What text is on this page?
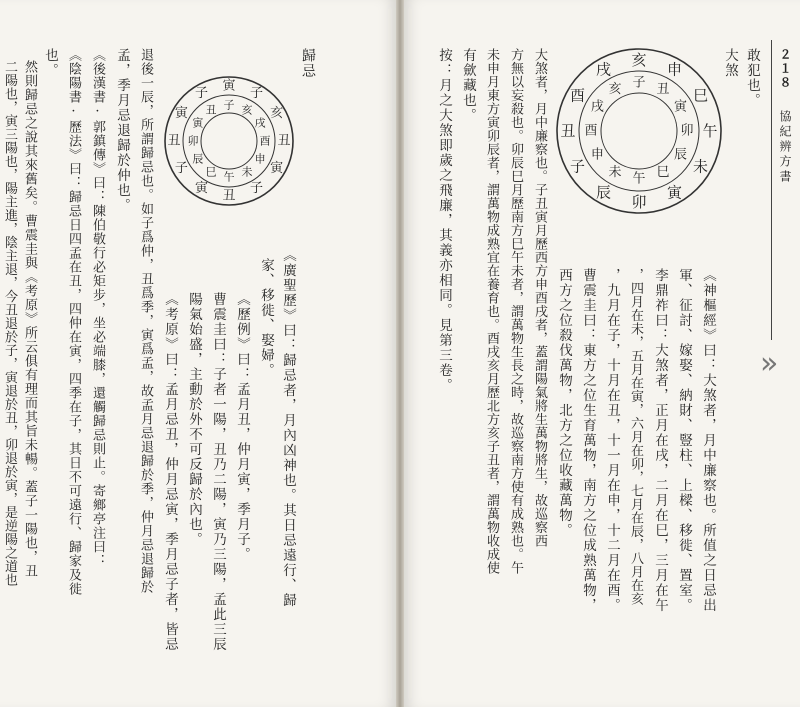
歸忌
《廣聖歷》曰：歸忌者，月內凶神也。其日忌遠行、歸
家、移徙、娶婦。
《歷例》曰：孟月丑，仲月寅，季月子。
曹震圭曰：子者一陽，丑乃二陽，寅乃三陽，孟此三辰
陽氣始盛，主動於外不可反歸於內也。
《考原》曰：孟月忌丑，仲月忌寅，季月忌子者，皆忌
退後一辰，所謂歸忌也。如子爲仲，丑爲季，寅爲孟，故孟月忌退歸於季，仲月忌退歸於
孟，季月忌退歸於仲也。
《後漢書·郭鎮傳》曰：陳伯敬行必矩步，坐必端膝，還觸歸忌則止。寄鄉亭注曰：
《陰陽書·歷法》曰：歸忌日四孟在丑，四仲在寅，四季在子，其日不可遠行、歸家及徙
也。
然則歸忌之說其來舊矣。曹震圭與《考原》所云俱有理而其旨未暢。蓋子一陽也，丑
二陽也，寅三陽也，陽主進，陰主退，今丑退於子，寅退於丑，卯退於寅，是逆陽之道也	寅 子
亥
丑
寅
子
丑
寅
子
丑
寅
子
子 亥
戌
酉
申
未
午
巳
辰
卯
寅
丑
２１８
協紀辨方書
敢犯也。
大煞
《神樞經》曰：大煞者，月中廉察也。所值之日忌出
軍、征討、嫁娶、納財、豎柱、上樑、移徙、置室。
李鼎祚曰：大煞者，正月在戌，二月在巳，三月在午
，四月在未，五月在寅，六月在卯，七月在辰，八月在亥
，九月在子，十月在丑，十一月在申，十二月在酉。
曹震圭曰：東方之位生育萬物，南方之位成熟萬物，
西方之位殺伐萬物，北方之位收藏萬物。
大煞者，月中廉察也。子丑寅月歷西方申酉戌者，蓋謂陽氣將生萬物將生，故巡察西
方無以妄殺也。卯辰巳月歷南方巳午未者，謂萬物生長之時，故巡察南方使有成熟也。午
未申月東方寅卯辰者，謂萬物成熟宜在養育也。酉戌亥月歷北方亥子丑者，謂萬物收成使
有歛藏也。
按：月之大煞即歲之飛廉，其義亦相同。見第三卷。	亥
申
巳
午
未
寅
卯
辰
子
丑
酉
戌
子 丑
寅
卯
辰
巳
午
未
申
酉
戌
亥
»
